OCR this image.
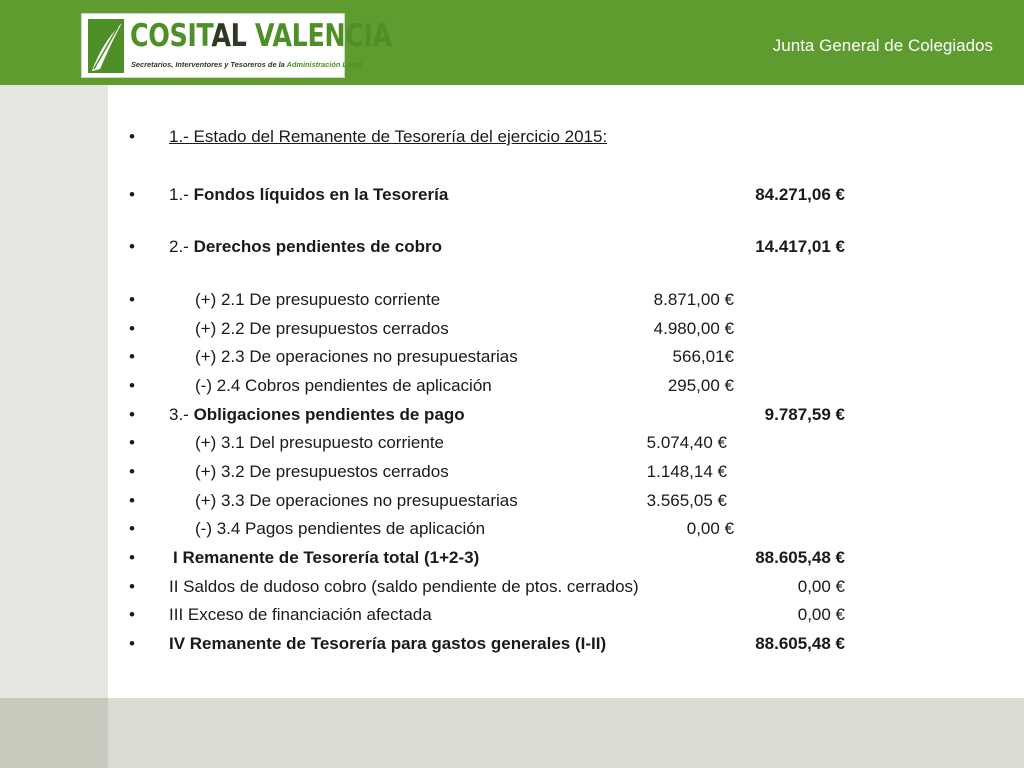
COSITAL VALENCIA
Secretarios, Interventores y Tesoreros de la Administración Local
Junta General de Colegiados
• 1.- Estado del Remanente de Tesorería del ejercicio 2015:
• 1.- Fondos líquidos en la Tesorería	84.271,06 €
• 2.- Derechos pendientes de cobro	14.417,01 €
•	(+) 2.1 De presupuesto corriente	8.871,00 €
•	(+) 2.2 De presupuestos cerrados	4.980,00 €
•	(+) 2.3 De operaciones no presupuestarias	566,01€
•	(-) 2.4 Cobros pendientes de aplicación	295,00 €
• 3.- Obligaciones pendientes de pago	9.787,59 €
•	(+) 3.1 Del presupuesto corriente	5.074,40 €
•	(+) 3.2 De presupuestos cerrados	1.148,14 €
•	(+) 3.3 De operaciones no presupuestarias	3.565,05 €
•	(-) 3.4 Pagos pendientes de aplicación	0,00 €
• I Remanente de Tesorería total (1+2-3)	88.605,48 €
• II Saldos de dudoso cobro (saldo pendiente de ptos. cerrados)	0,00 €
• III Exceso de financiación afectada	0,00 €
• IV Remanente de Tesorería para gastos generales (I-II)	88.605,48 €
